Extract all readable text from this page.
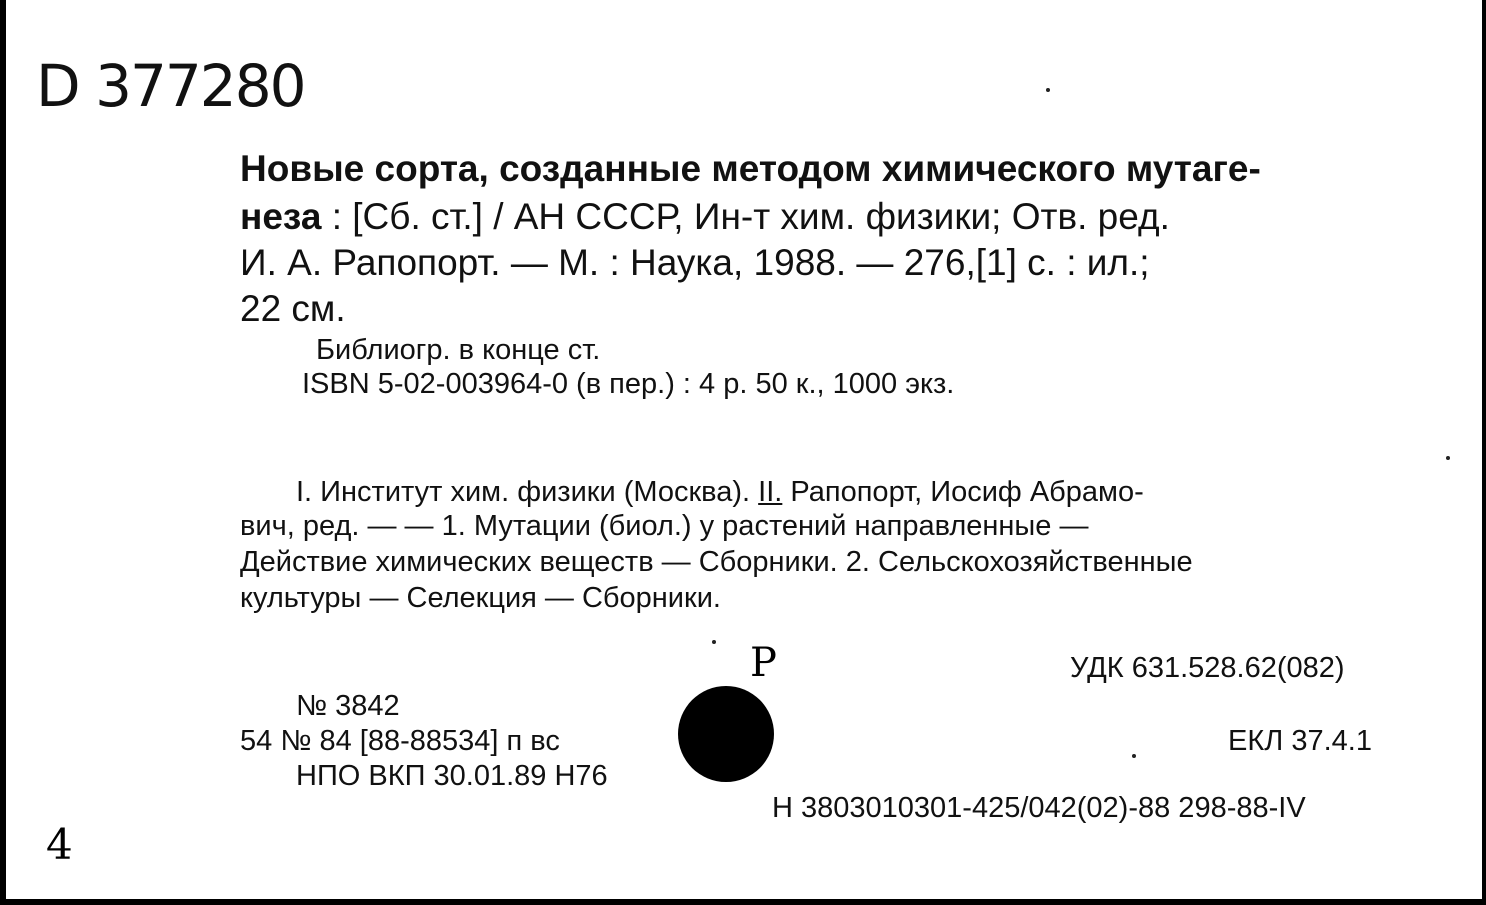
D 377280
Новые сорта, созданные методом химического мутаге-
неза : [Сб. ст.] / АН СССР, Ин-т хим. физики; Отв. ред.
И. А. Рапопорт. — М. : Наука, 1988. — 276,[1] с. : ил.;
22 см.
Библиогр. в конце ст.
ISBN 5-02-003964-0 (в пер.) : 4 р. 50 к., 1000 экз.
I. Институт хим. физики (Москва). II. Рапопорт, Иосиф Абрамо-
вич, ред. — — 1. Мутации (биол.) у растений направленные —
Действие химических веществ — Сборники. 2. Сельскохозяйственные
культуры — Селекция — Сборники.
УДК 631.528.62(082)
№ 3842
54 № 84 [88-88534] п вс
НПО ВКП 30.01.89 Н76
ЕКЛ 37.4.1
Н 3803010301-425/042(02)-88 298-88-IV
P
4
